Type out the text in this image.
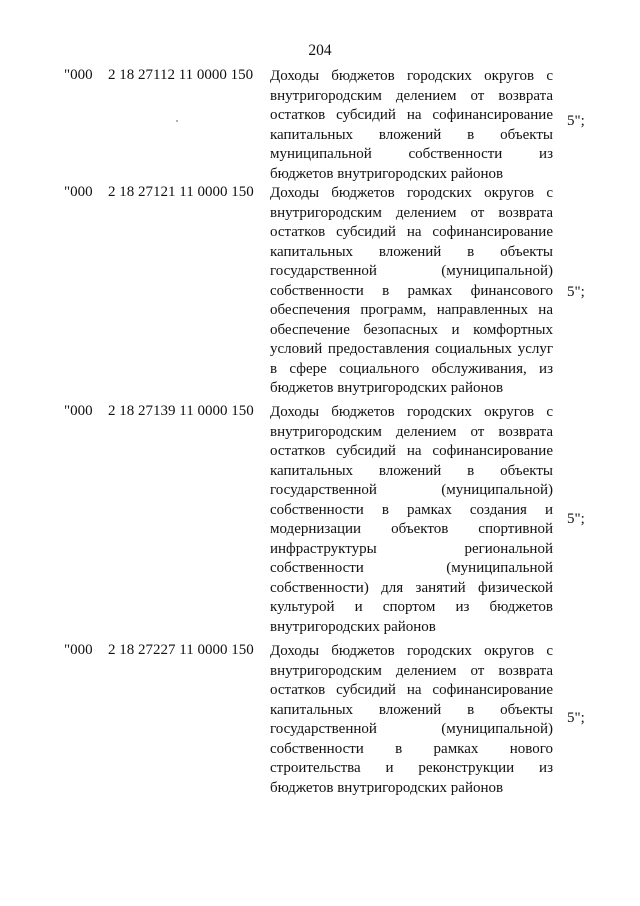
204
"000 2 18 27112 11 0000 150 Доходы бюджетов городских округов с
внутригородским делением от возврата
остатков субсидий на софинансирование
капитальных вложений в объекты
муниципальной собственности из
бюджетов внутригородских районов
5";
"000 2 18 27121 11 0000 150 Доходы бюджетов городских округов с
внутригородским делением от возврата
остатков субсидий на софинансирование
капитальных вложений в объекты
государственной (муниципальной)
собственности в рамках финансового
обеспечения программ, направленных на
обеспечение безопасных и комфортных
условий предоставления социальных услуг
в сфере социального обслуживания, из
бюджетов внутригородских районов
5";
"000 2 18 27139 11 0000 150 Доходы бюджетов городских округов с
внутригородским делением от возврата
остатков субсидий на софинансирование
капитальных вложений в объекты
государственной (муниципальной)
собственности в рамках создания и
модернизации объектов спортивной
инфраструктуры региональной
собственности (муниципальной
собственности) для занятий физической
культурой и спортом из бюджетов
внутригородских районов
5";
"000 2 18 27227 11 0000 150 Доходы бюджетов городских округов с
внутригородским делением от возврата
остатков субсидий на софинансирование
капитальных вложений в объекты
государственной (муниципальной)
собственности в рамках нового
строительства и реконструкции из
бюджетов внутригородских районов
5";
